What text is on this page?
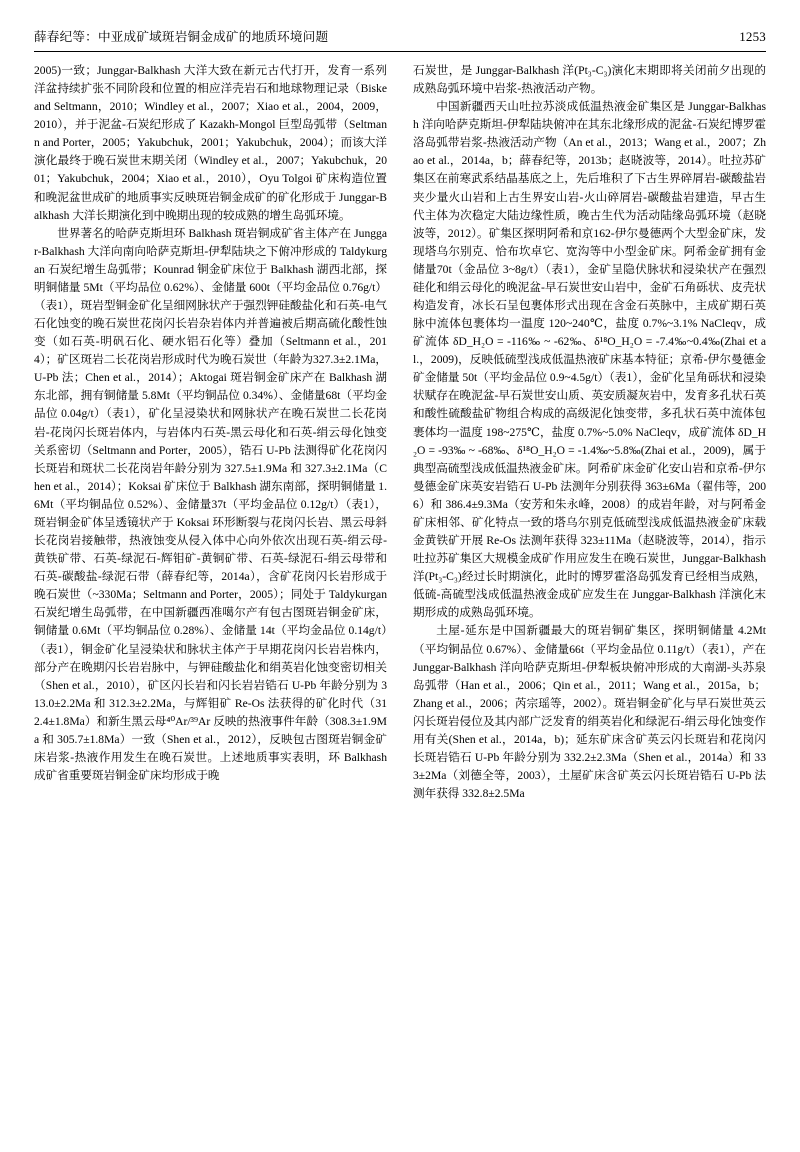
薛春纪等：中亚成矿域斑岩铜金成矿的地质环境问题	1253

2005)一致；Junggar-Balkhash 大洋大致在新元古代打开，发育一系列洋盆持续扩张不同阶段和位置的相应洋壳岩石和地球物理记录（Biske and Seltmann，2010；Windley et al.，2007；Xiao et al.，2004，2009，2010），并于泥盆-石炭纪形成了 Kazakh-Mongol 巨型岛弧带（Seltmann and Porter，2005；Yakubchuk，2001；Yakubchuk，2004）；而该大洋演化最终于晚石炭世末期关闭（Windley et al.，2007；Yakubchuk，2001；Yakubchuk，2004；Xiao et al.，2010），Oyu Tolgoi 矿床构造位置和晚泥盆世成矿的地质事实反映斑岩铜金成矿的矿化形成于 Junggar-Balkhash 大洋长期演化到中晚期出现的较成熟的增生岛弧环境。

世界著名的哈萨克斯坦环 Balkhash 斑岩铜成矿省主体产在 Junggar-Balkhash 大洋向南向哈萨克斯坦-伊犁陆块之下俯冲形成的 Taldykurgan 石炭纪增生岛弧带；Kounrad 铜金矿床位于 Balkhash 湖西北部，探明铜储量 5Mt（平均品位 0.62%）、金储量 600t（平均金品位 0.76g/t）（表1），斑岩型铜金矿化呈细网脉状产于强烈钾硅酸盐化和石英-电气石化蚀变的晚石炭世花岗闪长岩杂岩体内并普遍被后期高硫化酸性蚀变（如石英-明矾石化、硬水铝石化等）叠加（Seltmann et al.，2014）；矿区斑岩二长花岗岩形成时代为晚石炭世（年龄为327.3±2.1Ma，U-Pb 法；Chen et al.，2014）；Aktogai 斑岩铜金矿床产在 Balkhash 湖东北部，拥有铜储量 5.8Mt（平均铜品位 0.34%）、金储量68t（平均金品位 0.04g/t）（表1），矿化呈浸染状和网脉状产在晚石炭世二长花岗岩-花岗闪长斑岩体内，与岩体内石英-黑云母化和石英-绢云母化蚀变关系密切（Seltmann and Porter，2005），锆石 U-Pb 法测得矿化花岗闪长斑岩和斑状二长花岗岩年龄分别为 327.5±1.9Ma 和 327.3±2.1Ma（Chen et al.，2014）；Koksai 矿床位于 Balkhash 湖东南部，探明铜储量 1.6Mt（平均铜品位 0.52%）、金储量37t（平均金品位 0.12g/t）（表1），斑岩铜金矿体呈透镜状产于 Koksai 环形断裂与花岗闪长岩、黑云母斜长花岗岩接触带，热液蚀变从侵入体中心向外依次出现石英-绢云母-黄铁矿带、石英-绿泥石-辉钼矿-黄铜矿带、石英-绿泥石-绢云母带和石英-碳酸盐-绿泥石带（薛春纪等，2014a），含矿花岗闪长岩形成于晚石炭世（~330Ma；Seltmann and Porter，2005）；同处于 Taldykurgan 石炭纪增生岛弧带，在中国新疆西准噶尔产有包古图斑岩铜金矿床，铜储量 0.6Mt（平均铜品位 0.28%）、金储量 14t（平均金品位 0.14g/t）（表1），铜金矿化呈浸染状和脉状主体产于早期花岗闪长岩岩株内，部分产在晚期闪长岩岩脉中，与钾硅酸盐化和绢英岩化蚀变密切相关（Shen et al.，2010），矿区闪长岩和闪长岩岩锆石 U-Pb 年龄分别为 313.0±2.2Ma 和 312.3±2.2Ma，与辉钼矿 Re-Os 法获得的矿化时代（312.4±1.8Ma）和新生黑云母⁴⁰Ar/³⁹Ar 反映的热液事件年龄（308.3±1.9Ma 和 305.7±1.8Ma）一致（Shen et al.，2012），反映包古图斑岩铜金矿床岩浆-热液作用发生在晚石炭世。上述地质事实表明，环 Balkhash 成矿省重要斑岩铜金矿床均形成于晚

石炭世，是 Junggar-Balkhash 洋(Pt₃-C₃)演化末期即将关闭前夕出现的成熟岛弧环境中岩浆-热液活动产物。

中国新疆西天山吐拉苏淡成低温热液金矿集区是 Junggar-Balkhash 洋向哈萨克斯坦-伊犁陆块俯冲在其东北缘形成的泥盆-石炭纪博罗霍洛岛弧带岩浆-热液活动产物（An et al.，2013；Wang et al.，2007；Zhao et al.，2014a，b；薛春纪等，2013b；赵晓波等，2014）。吐拉苏矿集区在前寒武系结晶基底之上，先后堆积了下古生界碎屑岩-碳酸盐岩夹少量火山岩和上古生界安山岩-火山碎屑岩-碳酸盐岩建造，早古生代主体为次稳定大陆边缘性质，晚古生代为活动陆缘岛弧环境（赵晓波等，2012）。矿集区探明阿希和京162-伊尔曼德两个大型金矿床，发现塔乌尔别克、恰布坎卓它、宽沟等中小型金矿床。阿希金矿拥有金储量70t（金品位 3~8g/t）（表1），金矿呈隐伏脉状和浸染状产在强烈硅化和绢云母化的晚泥盆-早石炭世安山岩中，金矿石角砾状、皮壳状构造发育，冰长石呈包裹体形式出现在含金石英脉中，主成矿期石英脉中流体包裹体均一温度 120~240℃，盐度 0.7%~3.1% NaCleqv，成矿流体 δD_H₂O = -116‰ ~ -62‰、δ¹⁸O_H₂O = -7.4‰~0.4‰(Zhai et al.，2009)，反映低硫型浅成低温热液矿床基本特征；京希-伊尔曼德金矿金储量 50t（平均金品位 0.9~4.5g/t）（表1），金矿化呈角砾状和浸染状赋存在晚泥盆-早石炭世安山质、英安质凝灰岩中，发育多孔状石英和酸性硫酸盐矿物组合构成的高级泥化蚀变带，多孔状石英中流体包裹体均一温度 198~275℃，盐度 0.7%~5.0% NaCleqv，成矿流体 δD_H₂O = -93‰ ~ -68‰、δ¹⁸O_H₂O = -1.4‰~5.8‰(Zhai et al.，2009)，属于典型高硫型浅成低温热液金矿床。阿希矿床金矿化安山岩和京希-伊尔曼德金矿床英安岩锆石 U-Pb 法测年分别获得 363±6Ma（翟伟等，2006）和 386.4±9.3Ma（安芳和朱永峰，2008）的成岩年龄，对与阿希金矿床相邻、矿化特点一致的塔乌尔别克低硫型浅成低温热液金矿床载金黄铁矿开展 Re-Os 法测年获得 323±11Ma（赵晓波等，2014），指示吐拉苏矿集区大规模金成矿作用应发生在晚石炭世，Junggar-Balkhash 洋(Pt₃-C₃)经过长时期演化，此时的博罗霍洛岛弧发育已经相当成熟，低硫-高硫型浅成低温热液金成矿应发生在 Junggar-Balkhash 洋演化末期形成的成熟岛弧环境。

土屋-延东是中国新疆最大的斑岩铜矿集区，探明铜储量 4.2Mt（平均铜品位 0.67%）、金储量66t（平均金品位 0.11g/t）（表1），产在 Junggar-Balkhash 洋向哈萨克斯坦-伊犁板块俯冲形成的大南湖-头苏泉岛弧带（Han et al.，2006；Qin et al.，2011；Wang et al.，2015a，b；Zhang et al.，2006；芮宗瑶等，2002）。斑岩铜金矿化与早石炭世英云闪长斑岩侵位及其内部广泛发育的绢英岩化和绿泥石-绢云母化蚀变作用有关(Shen et al.，2014a，b)；延东矿床含矿英云闪长斑岩和花岗闪长斑岩锆石 U-Pb 年龄分别为 332.2±2.3Ma（Shen et al.，2014a）和 333±2Ma（刘德全等，2003），土屋矿床含矿英云闪长斑岩锆石 U-Pb 法测年获得 332.8±2.5Ma
